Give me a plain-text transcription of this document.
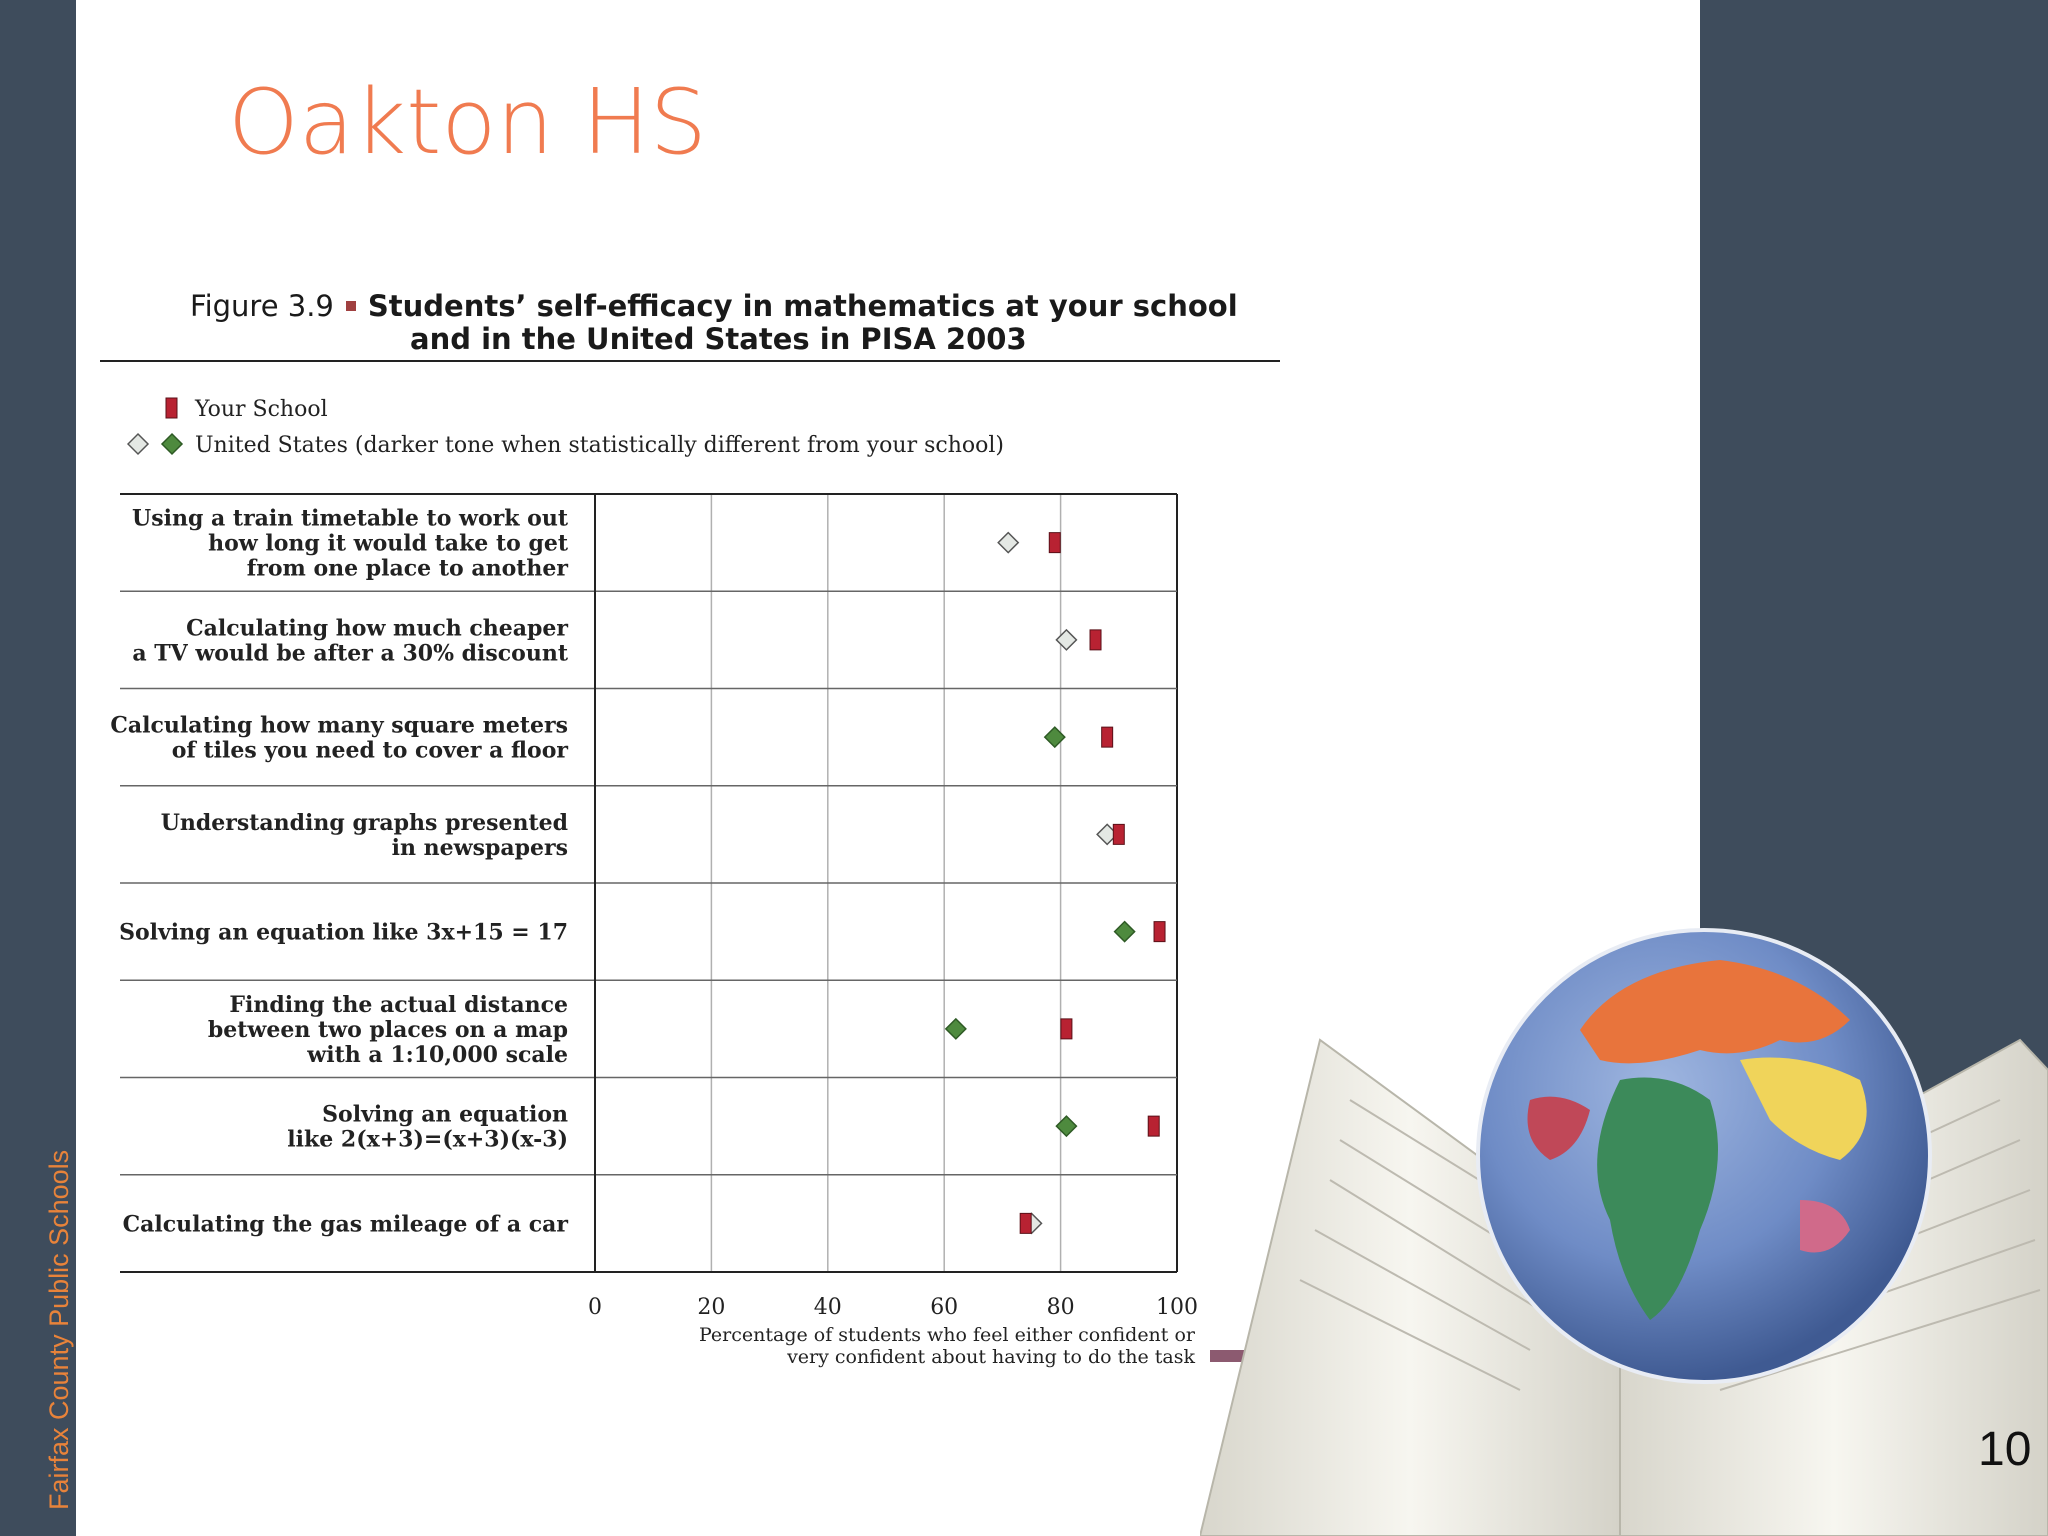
Fairfax County Public Schools
Oakton HS
Figure 3.9 Students’ self-efficacy in mathematics at your school
and in the United States in PISA 2003
Your School
United States (darker tone when statistically different from your school)
Using a train timetable to work out how long it would take to get from one place to another
Calculating how much cheaper a TV would be after a 30% discount
Calculating how many square meters of tiles you need to cover a floor
Understanding graphs presented in newspapers
Solving an equation like 3x+15 = 17
Finding the actual distance between two places on a map with a 1:10,000 scale
Solving an equation like 2(x+3)=(x+3)(x-3)
Calculating the gas mileage of a car
0	20	40	60	80	100
Percentage of students who feel either confident or
very confident about having to do the task
10
